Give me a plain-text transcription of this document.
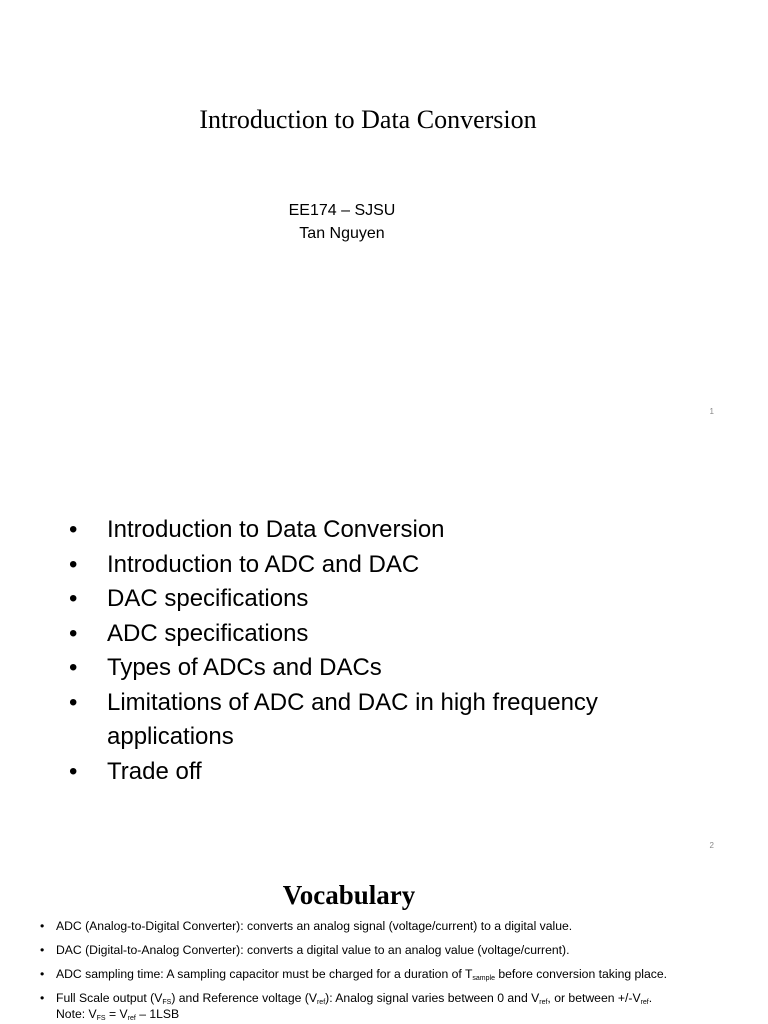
Introduction to Data Conversion
EE174 – SJSU
Tan Nguyen
1
• Introduction to Data Conversion
• Introduction to ADC and DAC
• DAC specifications
• ADC specifications
• Types of ADCs and DACs
• Limitations of ADC and DAC in high frequency applications
• Trade off
2
Vocabulary
• ADC (Analog-to-Digital Converter): converts an analog signal (voltage/current) to a digital value.
• DAC (Digital-to-Analog Converter): converts a digital value to an analog value (voltage/current).
• ADC sampling time: A sampling capacitor must be charged for a duration of $T_{sample}$ before conversion taking place.
• Full Scale output $(V_{FS})$ and Reference voltage $(V_{ref})$: Analog signal varies between 0 and $V_{ref}$, or between $+/-V_{ref}$.
Note: $V_{FS} = V_{ref} - 1LSB$
